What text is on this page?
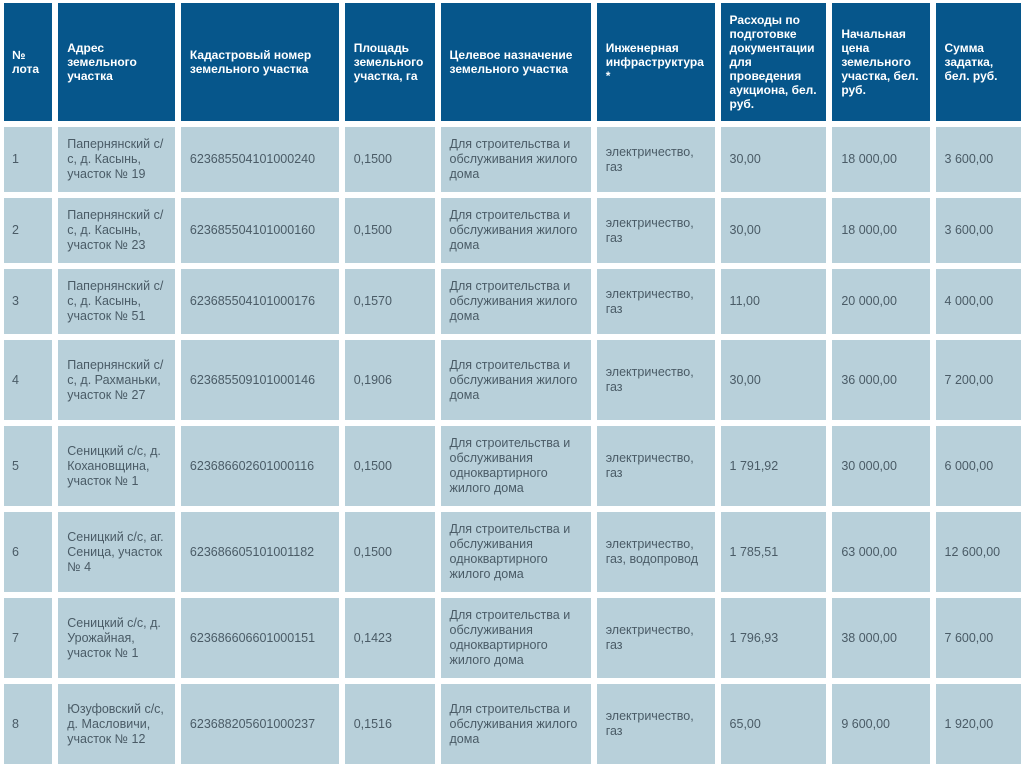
№ лота	Адрес земельного участка	Кадастровый номер земельного участка	Площадь земельного участка, га	Целевое назначение земельного участка	Инженерная инфраструктура *	Расходы по подготовке документации для проведения аукциона, бел. руб.	Начальная цена земельного участка, бел. руб.	Сумма задатка, бел. руб.
1	Папернянский с/с, д. Касынь, участок № 19	623685504101000240	0,1500	Для строительства и обслуживания жилого дома	электричество, газ	30,00	18 000,00	3 600,00
2	Папернянский с/с, д. Касынь, участок № 23	623685504101000160	0,1500	Для строительства и обслуживания жилого дома	электричество, газ	30,00	18 000,00	3 600,00
3	Папернянский с/с, д. Касынь, участок № 51	623685504101000176	0,1570	Для строительства и обслуживания жилого дома	электричество, газ	11,00	20 000,00	4 000,00
4	Папернянский с/с, д. Рахманьки, участок № 27	623685509101000146	0,1906	Для строительства и обслуживания жилого дома	электричество, газ	30,00	36 000,00	7 200,00
5	Сеницкий с/с, д. Кохановщина, участок № 1	623686602601000116	0,1500	Для строительства и обслуживания одноквартирного жилого дома	электричество, газ	1 791,92	30 000,00	6 000,00
6	Сеницкий с/с, аг. Сеница, участок № 4	623686605101001182	0,1500	Для строительства и обслуживания одноквартирного жилого дома	электричество, газ, водопровод	1 785,51	63 000,00	12 600,00
7	Сеницкий с/с, д. Урожайная, участок № 1	623686606601000151	0,1423	Для строительства и обслуживания одноквартирного жилого дома	электричество, газ	1 796,93	38 000,00	7 600,00
8	Юзуфовский с/с, д. Масловичи, участок № 12	623688205601000237	0,1516	Для строительства и обслуживания жилого дома	электричество, газ	65,00	9 600,00	1 920,00
